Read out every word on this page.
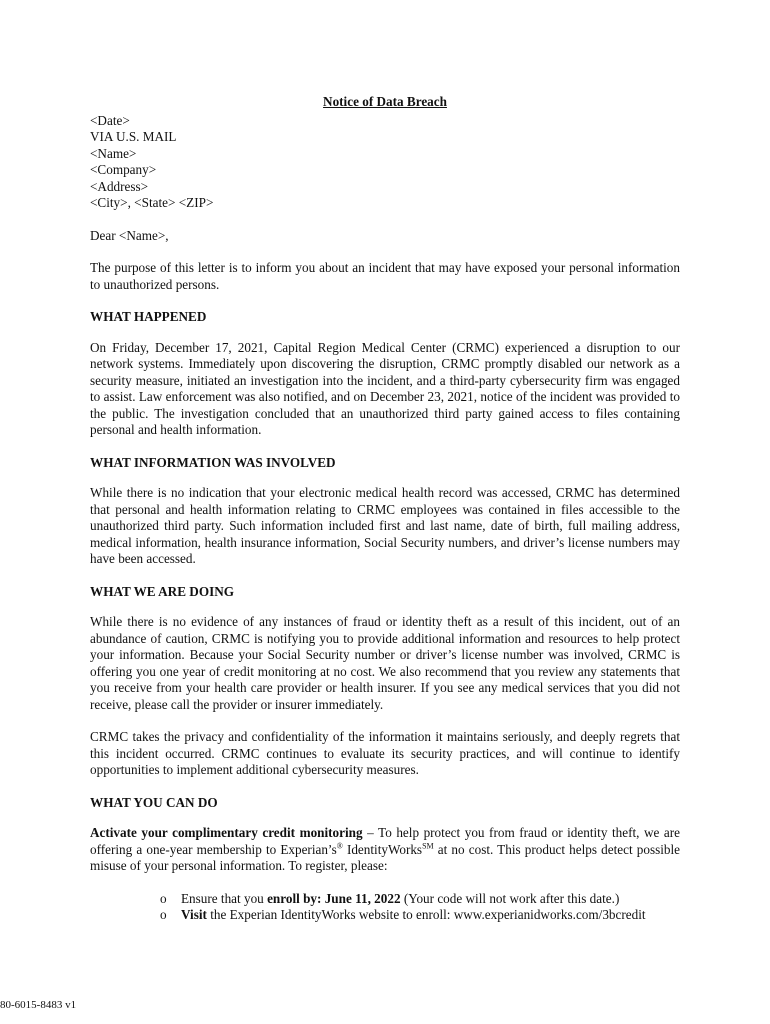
Notice of Data Breach
<Date>
VIA U.S. MAIL
<Name>
<Company>
<Address>
<City>, <State> <ZIP>
Dear <Name>,

The purpose of this letter is to inform you about an incident that may have exposed your personal information to unauthorized persons.

WHAT HAPPENED

On Friday, December 17, 2021, Capital Region Medical Center (CRMC) experienced a disruption to our network systems. Immediately upon discovering the disruption, CRMC promptly disabled our network as a security measure, initiated an investigation into the incident, and a third-party cybersecurity firm was engaged to assist. Law enforcement was also notified, and on December 23, 2021, notice of the incident was provided to the public. The investigation concluded that an unauthorized third party gained access to files containing personal and health information.

WHAT INFORMATION WAS INVOLVED

While there is no indication that your electronic medical health record was accessed, CRMC has determined that personal and health information relating to CRMC employees was contained in files accessible to the unauthorized third party. Such information included first and last name, date of birth, full mailing address, medical information, health insurance information, Social Security numbers, and driver’s license numbers may have been accessed.

WHAT WE ARE DOING

While there is no evidence of any instances of fraud or identity theft as a result of this incident, out of an abundance of caution, CRMC is notifying you to provide additional information and resources to help protect your information. Because your Social Security number or driver’s license number was involved, CRMC is offering you one year of credit monitoring at no cost. We also recommend that you review any statements that you receive from your health care provider or health insurer. If you see any medical services that you did not receive, please call the provider or insurer immediately.

CRMC takes the privacy and confidentiality of the information it maintains seriously, and deeply regrets that this incident occurred. CRMC continues to evaluate its security practices, and will continue to identify opportunities to implement additional cybersecurity measures.

WHAT YOU CAN DO

Activate your complimentary credit monitoring – To help protect you from fraud or identity theft, we are offering a one-year membership to Experian’s® IdentityWorks℠ at no cost. This product helps detect possible misuse of your personal information. To register, please:

o Ensure that you enroll by: June 11, 2022 (Your code will not work after this date.)
o Visit the Experian IdentityWorks website to enroll: www.experianidworks.com/3bcredit
80-6015-8483 v1
